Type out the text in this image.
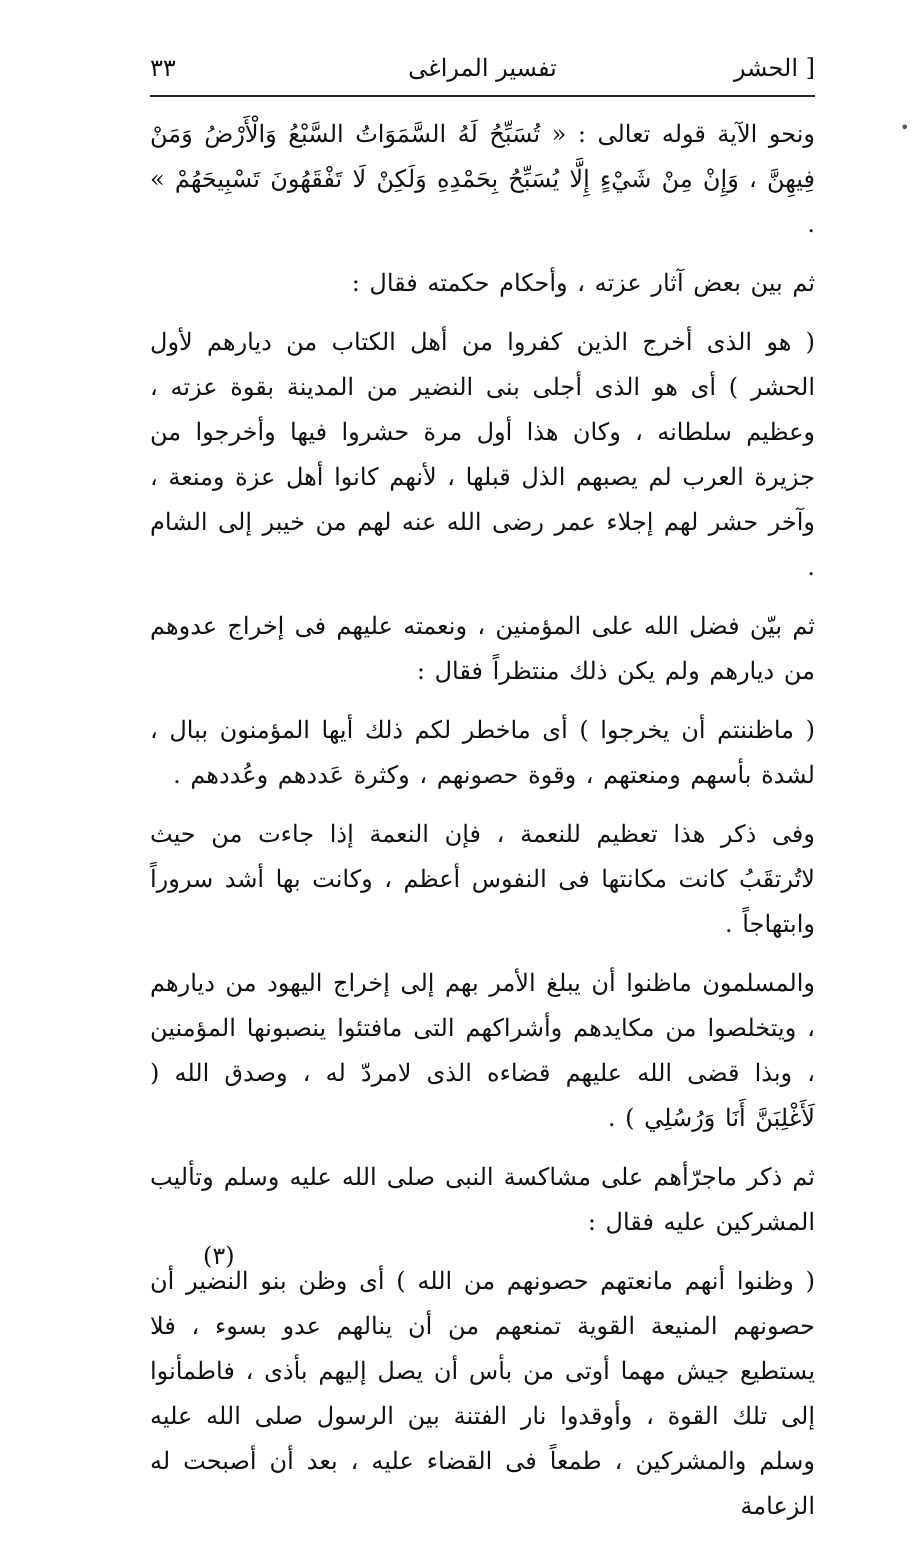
الحشر ]
تفسير المراغى
٣٣

ونحو الآية قوله تعالى : « تُسَبِّحُ لَهُ السَّمَوَاتُ السَّبْعُ وَالْأَرْضُ وَمَنْ فِيهِنَّ ، وَإِنْ مِنْ شَيْءٍ إِلَّا يُسَبِّحُ بِحَمْدِهِ وَلَكِنْ لَا تَفْقَهُونَ تَسْبِيحَهُمْ » .

ثم بين بعض آثار عزته ، وأحكام حكمته فقال :

( هو الذى أخرج الذين كفروا من أهل الكتاب من ديارهم لأول الحشر ) أى هو الذى أجلى بنى النضير من المدينة بقوة عزته ، وعظيم سلطانه ، وكان هذا أول مرة حشروا فيها وأخرجوا من جزيرة العرب لم يصبهم الذل قبلها ، لأنهم كانوا أهل عزة ومنعة ، وآخر حشر لهم إجلاء عمر رضى الله عنه لهم من خيبر إلى الشام .

ثم بيّن فضل الله على المؤمنين ، ونعمته عليهم فى إخراج عدوهم من ديارهم ولم يكن ذلك منتظراً فقال :

( ماظننتم أن يخرجوا ) أى ماخطر لكم ذلك أيها المؤمنون ببال ، لشدة بأسهم ومنعتهم ، وقوة حصونهم ، وكثرة عَددهم وعُددهم .

وفى ذكر هذا تعظيم للنعمة ، فإن النعمة إذا جاءت من حيث لاتُرتقَبُ كانت مكانتها فى النفوس أعظم ، وكانت بها أشد سروراً وابتهاجاً .

والمسلمون ماظنوا أن يبلغ الأمر بهم إلى إخراج اليهود من ديارهم ، ويتخلصوا من مكايدهم وأشراكهم التى مافتئوا ينصبونها المؤمنين ، وبذا قضى الله عليهم قضاءه الذى لامردّ له ، وصدق الله ( لَأَغْلِبَنَّ أَنَا وَرُسُلِي ) .

ثم ذكر ماجرّأهم على مشاكسة النبى صلى الله عليه وسلم وتأليب المشركين عليه فقال :

( وظنوا أنهم مانعتهم حصونهم من الله ) أى وظن بنو النضير أن حصونهم المنيعة القوية تمنعهم من أن ينالهم عدو بسوء ، فلا يستطيع جيش مهما أوتى من بأس أن يصل إليهم بأذى ، فاطمأنوا إلى تلك القوة ، وأوقدوا نار الفتنة بين الرسول صلى الله عليه وسلم والمشركين ، طمعاً فى القضاء عليه ، بعد أن أصبحت له الزعامة

(٣)
•
